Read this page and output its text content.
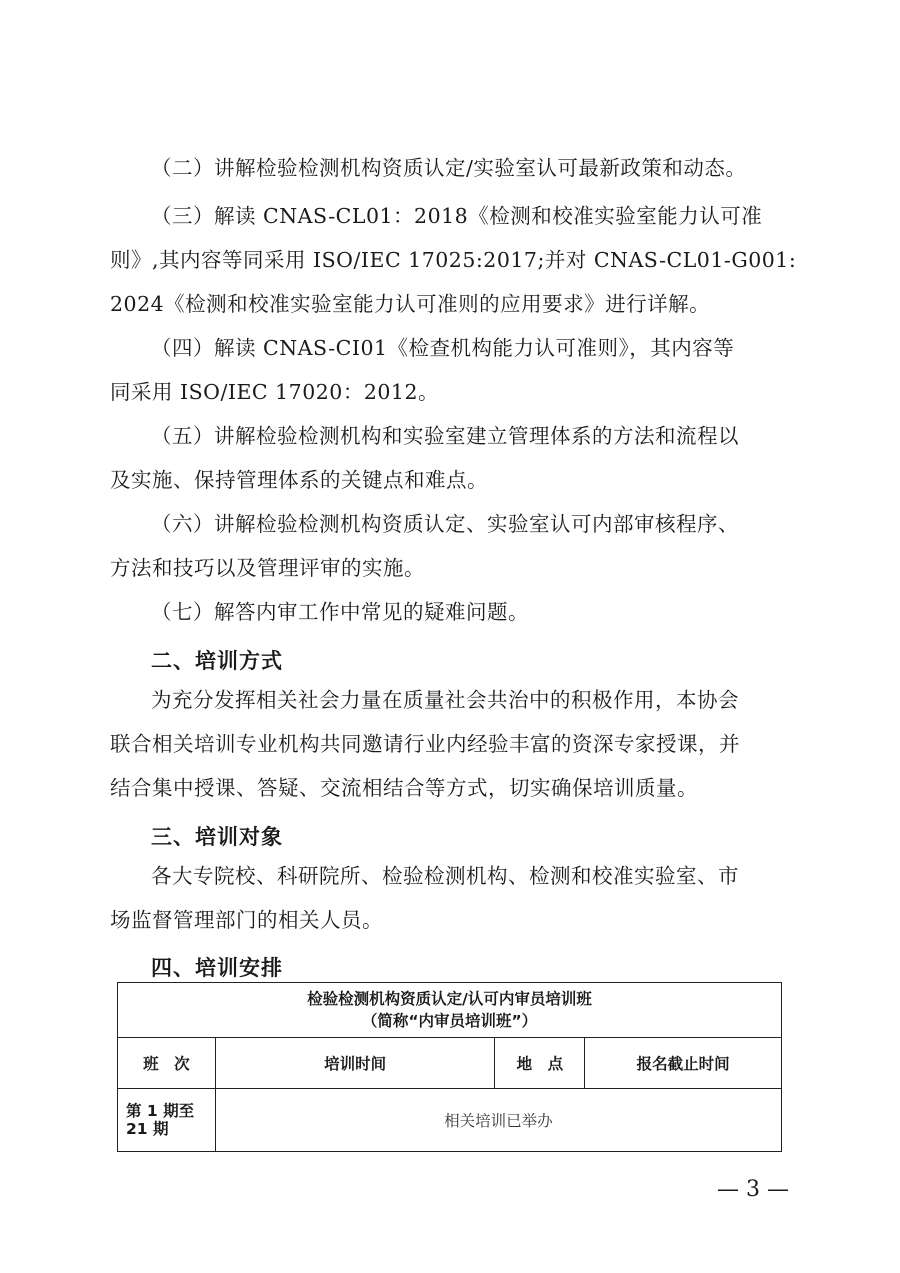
（二）讲解检验检测机构资质认定/实验室认可最新政策和动态。
（三）解读 CNAS-CL01：2018《检测和校准实验室能力认可准
则》,其内容等同采用 ISO/IEC 17025:2017;并对 CNAS-CL01-G001:
2024《检测和校准实验室能力认可准则的应用要求》进行详解。
（四）解读 CNAS-CI01《检查机构能力认可准则》，其内容等
同采用 ISO/IEC 17020：2012。
（五）讲解检验检测机构和实验室建立管理体系的方法和流程以
及实施、保持管理体系的关键点和难点。
（六）讲解检验检测机构资质认定、实验室认可内部审核程序、
方法和技巧以及管理评审的实施。
（七）解答内审工作中常见的疑难问题。
二、培训方式
为充分发挥相关社会力量在质量社会共治中的积极作用，本协会
联合相关培训专业机构共同邀请行业内经验丰富的资深专家授课，并
结合集中授课、答疑、交流相结合等方式，切实确保培训质量。
三、培训对象
各大专院校、科研院所、检验检测机构、检测和校准实验室、市
场监督管理部门的相关人员。
四、培训安排
检验检测机构资质认定/认可内审员培训班
（简称“内审员培训班”）			

班　次	培训时间	地　点	报名截止时间

第 1 期至
21 期	相关培训已举办		
— 3 —
